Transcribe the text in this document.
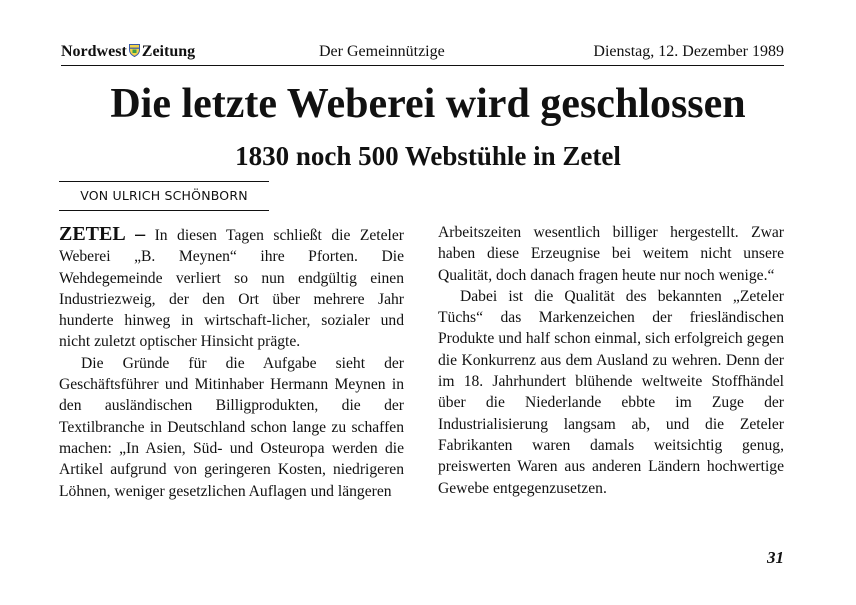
Nordwest Zeitung	Der Gemeinnützige	Dienstag, 12. Dezember 1989
Die letzte Weberei wird geschlossen
1830 noch 500 Webstühle in Zetel
VON ULRICH SCHÖNBORN

ZETEL – In diesen Tagen schließt die Zeteler Weberei „B. Meynen“ ihre Pforten. Die Wehdegemeinde verliert so nun endgültig einen Industriezweig, der den Ort über mehrere Jahr hunderte hinweg in wirtschaft-licher, sozialer und nicht zuletzt optischer Hinsicht prägte.

Die Gründe für die Aufgabe sieht der Geschäftsführer und Mitinhaber Hermann Meynen in den ausländischen Billigprodukten, die der Textilbranche in Deutschland schon lange zu schaffen machen: „In Asien, Süd- und Osteuropa werden die Artikel aufgrund von geringeren Kosten, niedrigeren Löhnen, weniger gesetzlichen Auflagen und längeren

Arbeitszeiten wesentlich billiger hergestellt. Zwar haben diese Erzeugnise bei weitem nicht unsere Qualität, doch danach fragen heute nur noch wenige.“

Dabei ist die Qualität des bekannten „Zeteler Tüchs“ das Markenzeichen der friesländischen Produkte und half schon einmal, sich erfolgreich gegen die Konkurrenz aus dem Ausland zu wehren. Denn der im 18. Jahrhundert blühende weltweite Stoffhändel über die Niederlande ebbte im Zuge der Industrialisierung langsam ab, und die Zeteler Fabrikanten waren damals weitsichtig genug, preiswerten Waren aus anderen Ländern hochwertige Gewebe entgegenzusetzen.

31
